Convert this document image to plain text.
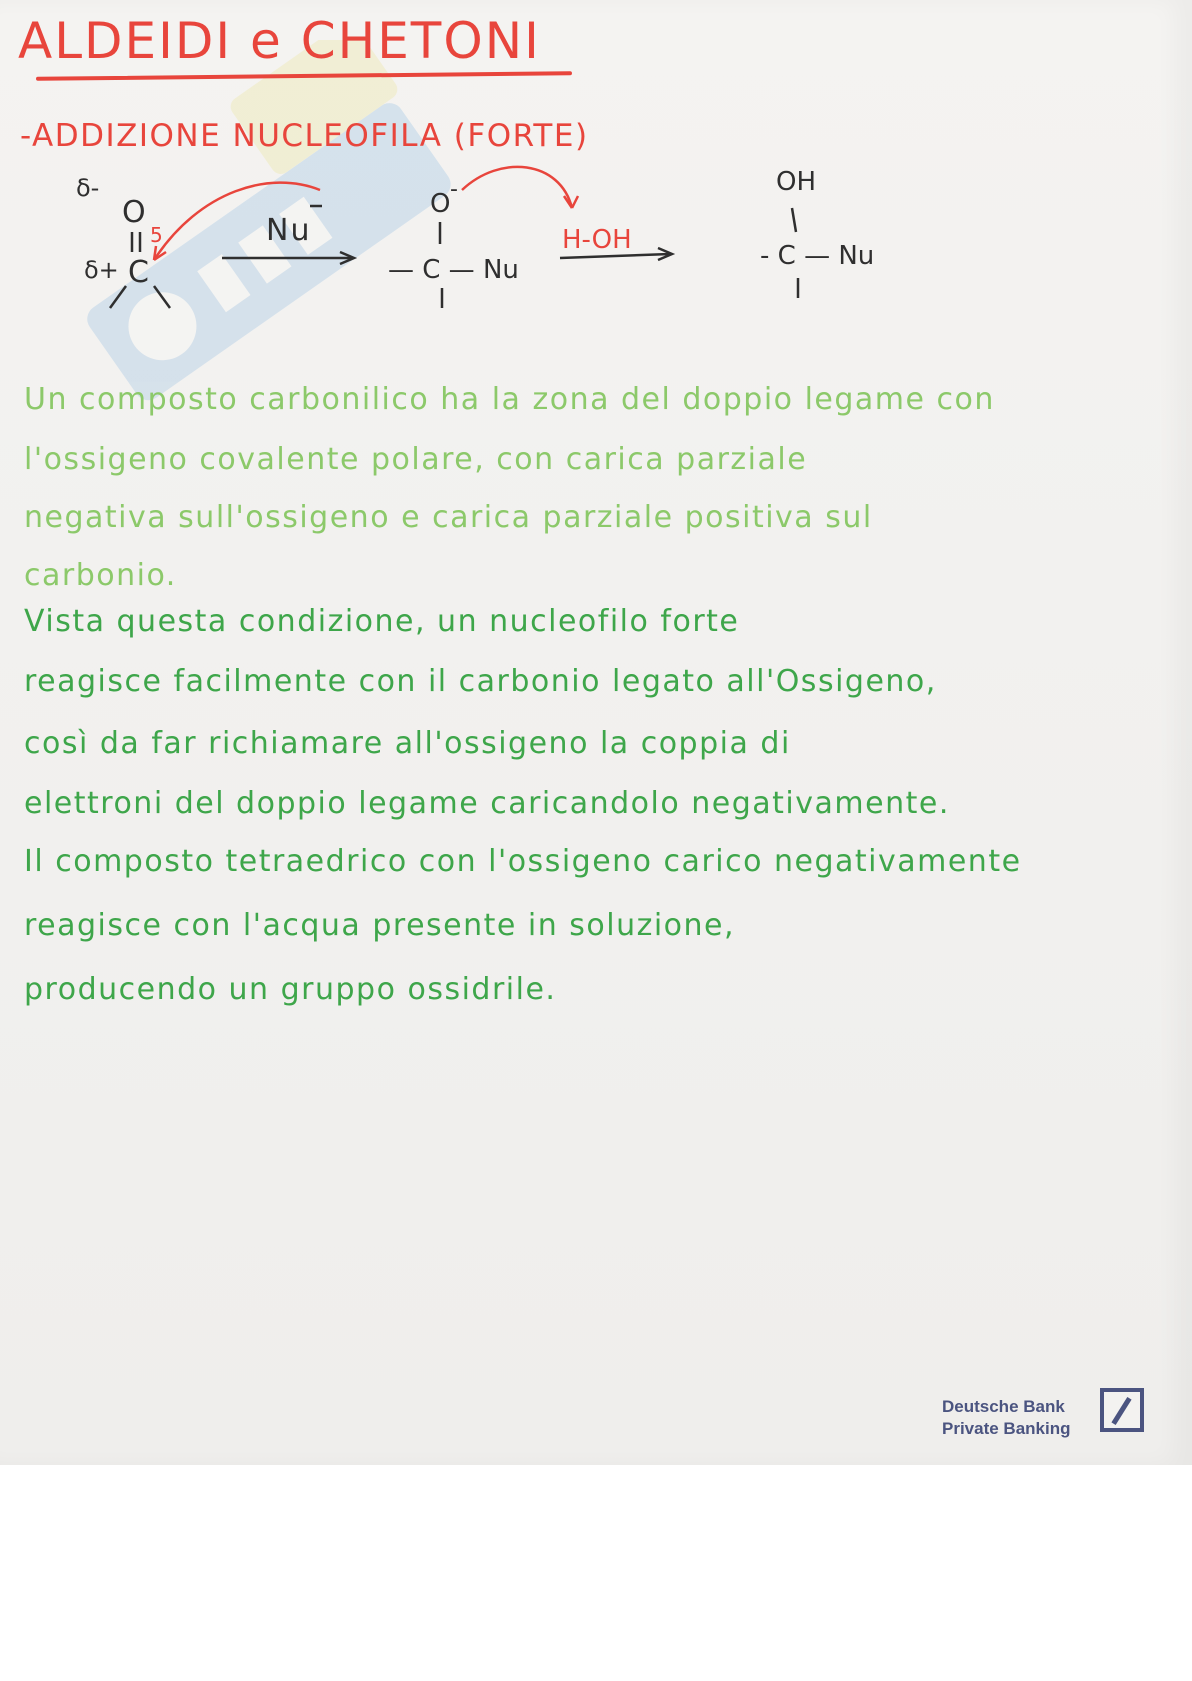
ALDEIDI e CHETONI
-ADDIZIONE NUCLEOFILA (FORTE)
δ-
δ+
O
5
C
Nu
O -
— C — Nu
H-OH
OH
- C — Nu
Un composto carbonilico ha la zona del doppio legame con
l'ossigeno covalente polare, con carica parziale
negativa sull'ossigeno e carica parziale positiva sul
carbonio.
Vista questa condizione, un nucleofilo forte
reagisce facilmente con il carbonio legato all'Ossigeno,
così da far richiamare all'ossigeno la coppia di
elettroni del doppio legame caricandolo negativamente.
Il composto tetraedrico con l'ossigeno carico negativamente
reagisce con l'acqua presente in soluzione,
producendo un gruppo ossidrile.
Deutsche Bank
Private Banking
